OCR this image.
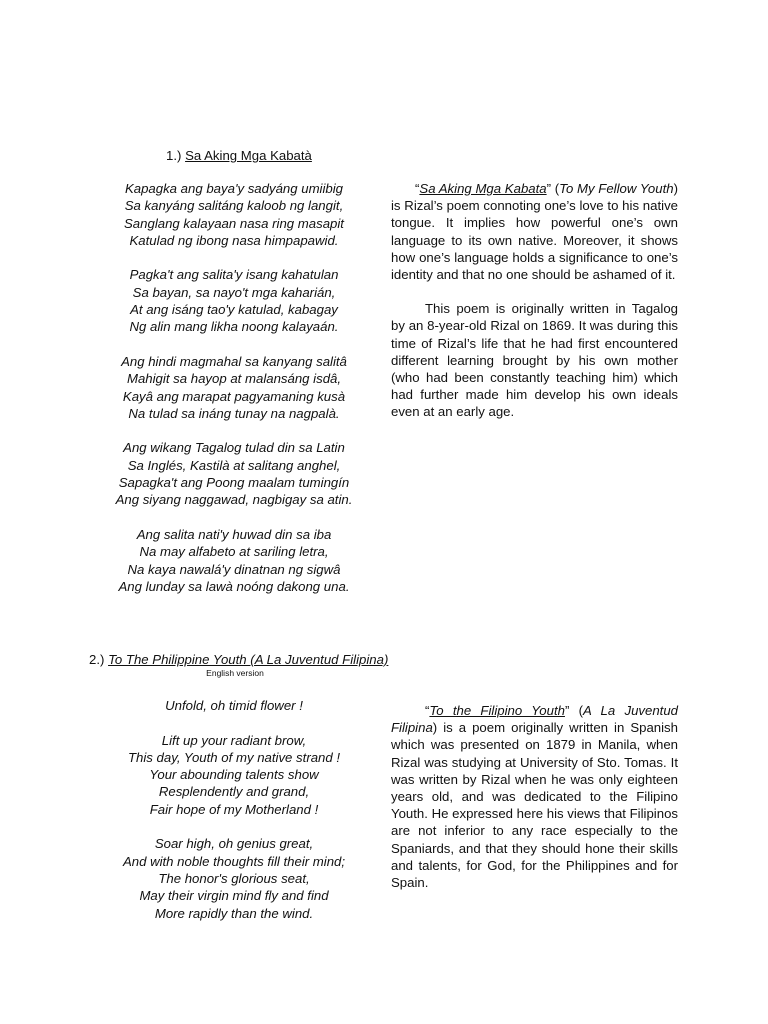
1.) Sa Aking Mga Kabatà
Kapagka ang baya'y sadyáng umiibig
Sa kanyáng salitáng kaloob ng langit,
Sanglang kalayaan nasa ring masapit
Katulad ng ibong nasa himpapawid.
Pagka't ang salita'y isang kahatulan
Sa bayan, sa nayo't mga kaharián,
At ang isáng tao'y katulad, kabagay
Ng alin mang likha noong kalayaán.
Ang hindi magmahal sa kanyang salitâ
Mahigit sa hayop at malansáng isdâ,
Kayâ ang marapat pagyamaning kusà
Na tulad sa ináng tunay na nagpalà.
Ang wikang Tagalog tulad din sa Latin
Sa Inglés, Kastilà at salitang anghel,
Sapagka't ang Poong maalam tumingín
Ang siyang naggawad, nagbigay sa atin.
Ang salita nati'y huwad din sa iba
Na may alfabeto at sariling letra,
Na kaya nawalá'y dinatnan ng sigwâ
Ang lunday sa lawà noóng dakong una.

“Sa Aking Mga Kabata” (To My Fellow Youth) is Rizal’s poem connoting one’s love to his native tongue. It implies how powerful one’s own language to its own native. Moreover, it shows how one’s language holds a significance to one’s identity and that no one should be ashamed of it.

This poem is originally written in Tagalog by an 8-year-old Rizal on 1869. It was during this time of Rizal’s life that he had first encountered different learning brought by his own mother (who had been constantly teaching him) which had further made him develop his own ideals even at an early age.

2.) To The Philippine Youth (A La Juventud Filipina)
English version
Unfold, oh timid flower !
Lift up your radiant brow,
This day, Youth of my native strand !
Your abounding talents show
Resplendently and grand,
Fair hope of my Motherland !
Soar high, oh genius great,
And with noble thoughts fill their mind;
The honor's glorious seat,
May their virgin mind fly and find
More rapidly than the wind.

“To the Filipino Youth” (A La Juventud Filipina) is a poem originally written in Spanish which was presented on 1879 in Manila, when Rizal was studying at University of Sto. Tomas. It was written by Rizal when he was only eighteen years old, and was dedicated to the Filipino Youth. He expressed here his views that Filipinos are not inferior to any race especially to the Spaniards, and that they should hone their skills and talents, for God, for the Philippines and for Spain.
